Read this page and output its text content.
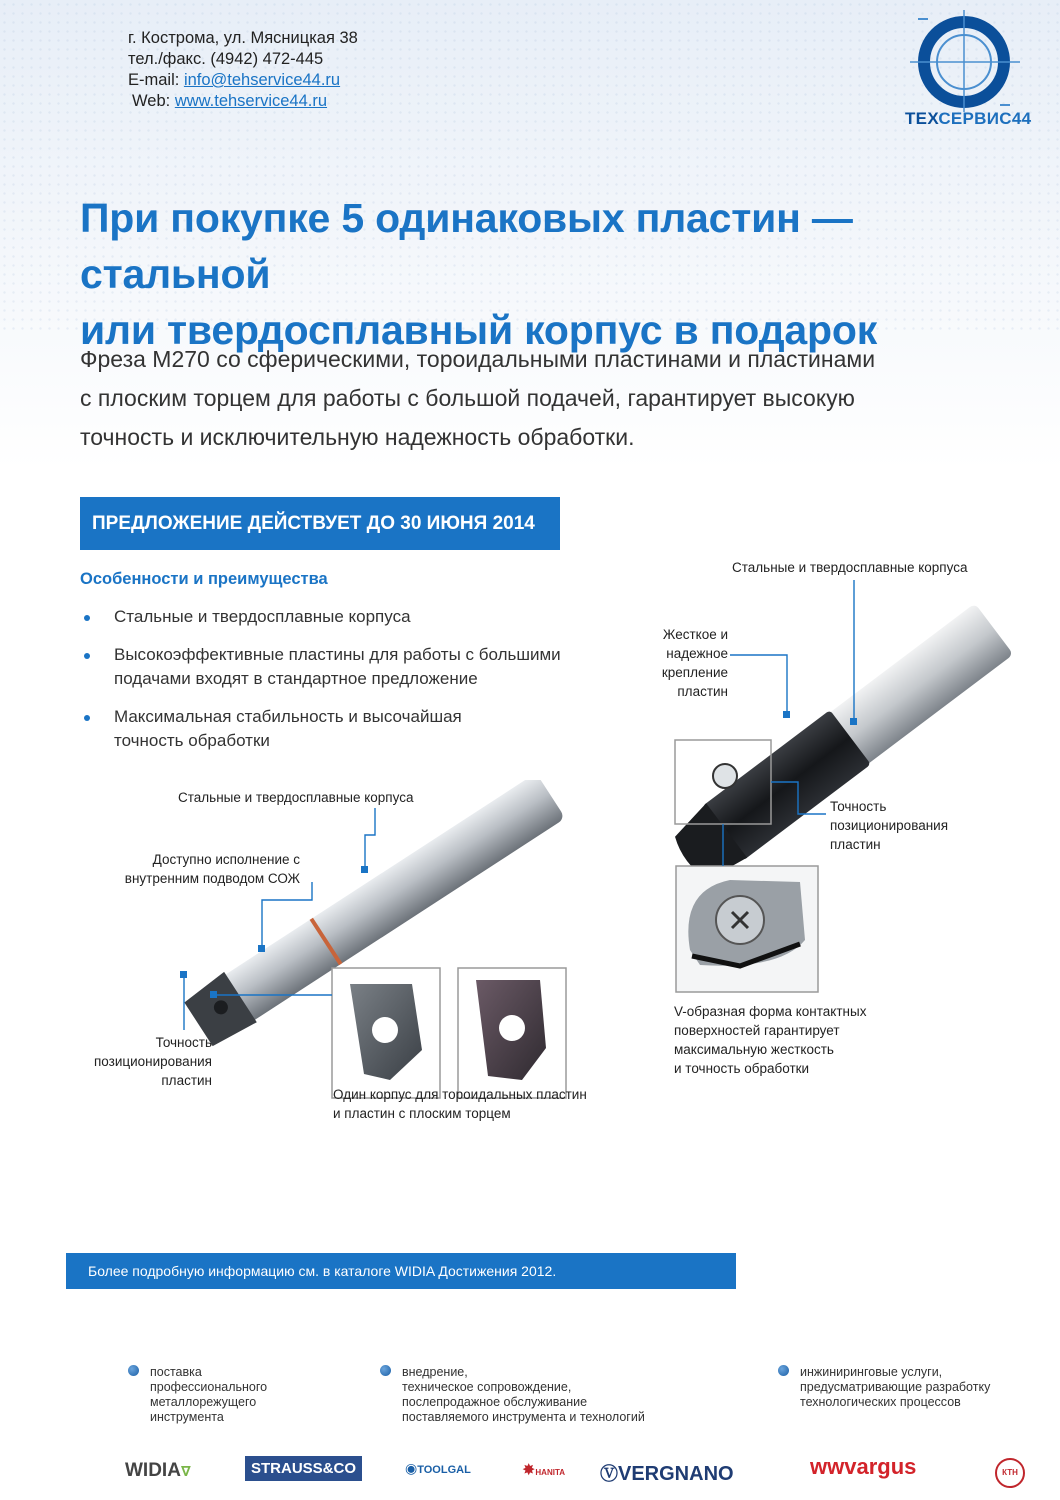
г. Кострома, ул. Мясницкая 38
тел./факс. (4942) 472-445
E-mail: info@tehservice44.ru
Web: www.tehservice44.ru
ТЕХСЕРВИС44
При покупке 5 одинаковых пластин — стальной
или твердосплавный корпус в подарок
Фреза M270 со сферическими, тороидальными пластинами и пластинами
с плоским торцем для работы с большой подачей, гарантирует высокую
точность и исключительную надежность обработки.
ПРЕДЛОЖЕНИЕ ДЕЙСТВУЕТ ДО 30 ИЮНЯ 2014
Особенности и преимущества
Стальные и твердосплавные корпуса
Высокоэффективные пластины для работы с большими
подачами входят в стандартное предложение
Максимальная стабильность и высочайшая
точность обработки
Стальные и твердосплавные корпуса
Доступно исполнение с
внутренним подводом СОЖ
Точность
позиционирования
пластин
Один корпус для тороидальных пластин
и пластин с плоским торцем
Стальные и твердосплавные корпуса
Жесткое и
надежное
крепление
пластин
Точность
позиционирования
пластин
V-образная форма контактных
поверхностей гарантирует
максимальную жесткость
и точность обработки
Более подробную информацию см. в каталоге WIDIA Достижения 2012.
поставка
профессионального
металлорежущего
инструмента
внедрение,
техническое сопровождение,
послепродажное обслуживание
поставляемого инструмента и технологий
инжиниринговые услуги,
предусматривающие разработку
технологических процессов
WIDIA∇	STRAUSS&CO	◉TOOLGAL	✸HANITA ⓋVERGNANO	ᴡᴡvargus	КТН
